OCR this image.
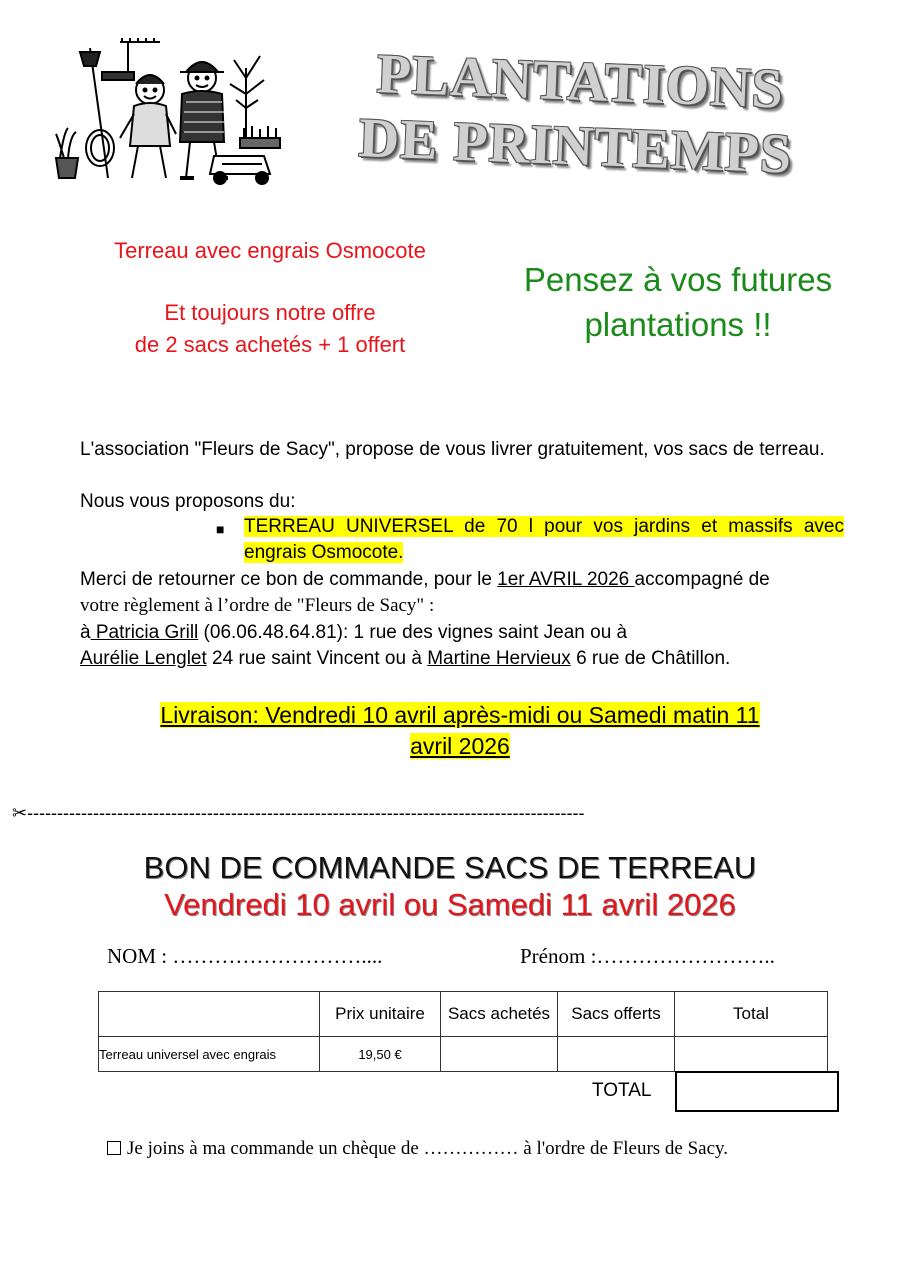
PLANTATIONS
DE PRINTEMPS
Terreau avec engrais Osmocote
Et toujours notre offre
de 2 sacs achetés + 1 offert
Pensez à vos futures
plantations !!
L'association "Fleurs de Sacy", propose de vous livrer gratuitement, vos sacs de terreau.
Nous vous proposons du:
■	TERREAU UNIVERSEL de 70 l pour vos jardins et massifs avec engrais Osmocote.
Merci de retourner ce bon de commande, pour le 1er AVRIL 2026 accompagné de
votre règlement à l’ordre de "Fleurs de Sacy" :
à Patricia Grill (06.06.48.64.81): 1 rue des vignes saint Jean ou à
Aurélie Lenglet 24 rue saint Vincent ou à Martine Hervieux 6 rue de Châtillon.
Livraison: Vendredi 10 avril après-midi ou Samedi matin 11
avril 2026
✂---------------------------------------------------------------------------------------------
BON DE COMMANDE SACS DE TERREAU
Vendredi 10 avril ou Samedi 11 avril 2026
NOM : ………………………....	Prénom :……………………..
	Prix unitaire	Sacs achetés	Sacs offerts	Total
Terreau universel avec engrais	19,50 €			
TOTAL
Je joins à ma commande un chèque de …………… à l'ordre de Fleurs de Sacy.
